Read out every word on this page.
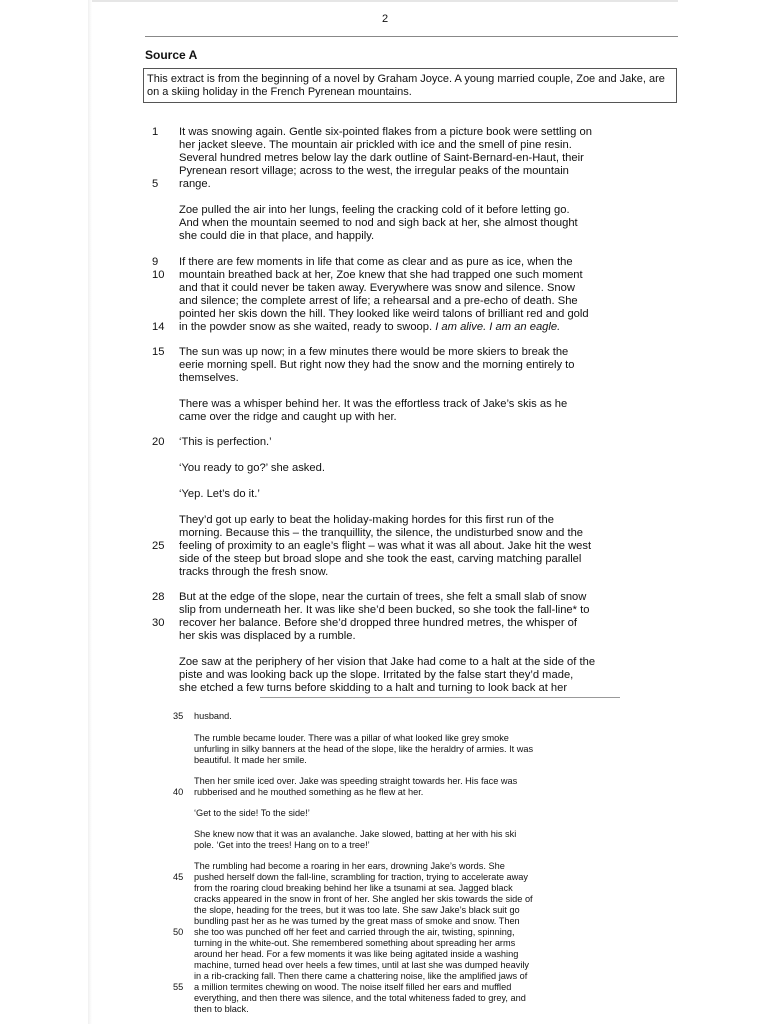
2
Source A
This extract is from the beginning of a novel by Graham Joyce. A young married couple, Zoe and Jake, are on a skiing holiday in the French Pyrenean mountains.
1	It was snowing again. Gentle six-pointed flakes from a picture book were settling on
her jacket sleeve. The mountain air prickled with ice and the smell of pine resin.
Several hundred metres below lay the dark outline of Saint-Bernard-en-Haut, their
Pyrenean resort village; across to the west, the irregular peaks of the mountain
5	range.
Zoe pulled the air into her lungs, feeling the cracking cold of it before letting go.
And when the mountain seemed to nod and sigh back at her, she almost thought
she could die in that place, and happily.
9	If there are few moments in life that come as clear and as pure as ice, when the
10	mountain breathed back at her, Zoe knew that she had trapped one such moment
and that it could never be taken away. Everywhere was snow and silence. Snow
and silence; the complete arrest of life; a rehearsal and a pre-echo of death. She
pointed her skis down the hill. They looked like weird talons of brilliant red and gold
14	in the powder snow as she waited, ready to swoop. I am alive. I am an eagle.
15	The sun was up now; in a few minutes there would be more skiers to break the
eerie morning spell. But right now they had the snow and the morning entirely to
themselves.
There was a whisper behind her. It was the effortless track of Jake’s skis as he
came over the ridge and caught up with her.
20	‘This is perfection.’
‘You ready to go?’ she asked.
‘Yep. Let’s do it.’
They’d got up early to beat the holiday-making hordes for this first run of the
morning. Because this – the tranquillity, the silence, the undisturbed snow and the
25	feeling of proximity to an eagle’s flight – was what it was all about. Jake hit the west
side of the steep but broad slope and she took the east, carving matching parallel
tracks through the fresh snow.
28	But at the edge of the slope, near the curtain of trees, she felt a small slab of snow
slip from underneath her. It was like she’d been bucked, so she took the fall-line* to
30	recover her balance. Before she’d dropped three hundred metres, the whisper of
her skis was displaced by a rumble.
Zoe saw at the periphery of her vision that Jake had come to a halt at the side of the
piste and was looking back up the slope. Irritated by the false start they’d made,
she etched a few turns before skidding to a halt and turning to look back at her
35	husband.
The rumble became louder. There was a pillar of what looked like grey smoke
unfurling in silky banners at the head of the slope, like the heraldry of armies. It was
beautiful. It made her smile.
Then her smile iced over. Jake was speeding straight towards her. His face was
40	rubberised and he mouthed something as he flew at her.
‘Get to the side! To the side!’
She knew now that it was an avalanche. Jake slowed, batting at her with his ski
pole. ‘Get into the trees! Hang on to a tree!’
The rumbling had become a roaring in her ears, drowning Jake’s words. She
45	pushed herself down the fall-line, scrambling for traction, trying to accelerate away
from the roaring cloud breaking behind her like a tsunami at sea. Jagged black
cracks appeared in the snow in front of her. She angled her skis towards the side of
the slope, heading for the trees, but it was too late. She saw Jake’s black suit go
bundling past her as he was turned by the great mass of smoke and snow. Then
50	she too was punched off her feet and carried through the air, twisting, spinning,
turning in the white-out. She remembered something about spreading her arms
around her head. For a few moments it was like being agitated inside a washing
machine, turned head over heels a few times, until at last she was dumped heavily
in a rib-cracking fall. Then there came a chattering noise, like the amplified jaws of
55	a million termites chewing on wood. The noise itself filled her ears and muffled
everything, and then there was silence, and the total whiteness faded to grey, and
then to black.
